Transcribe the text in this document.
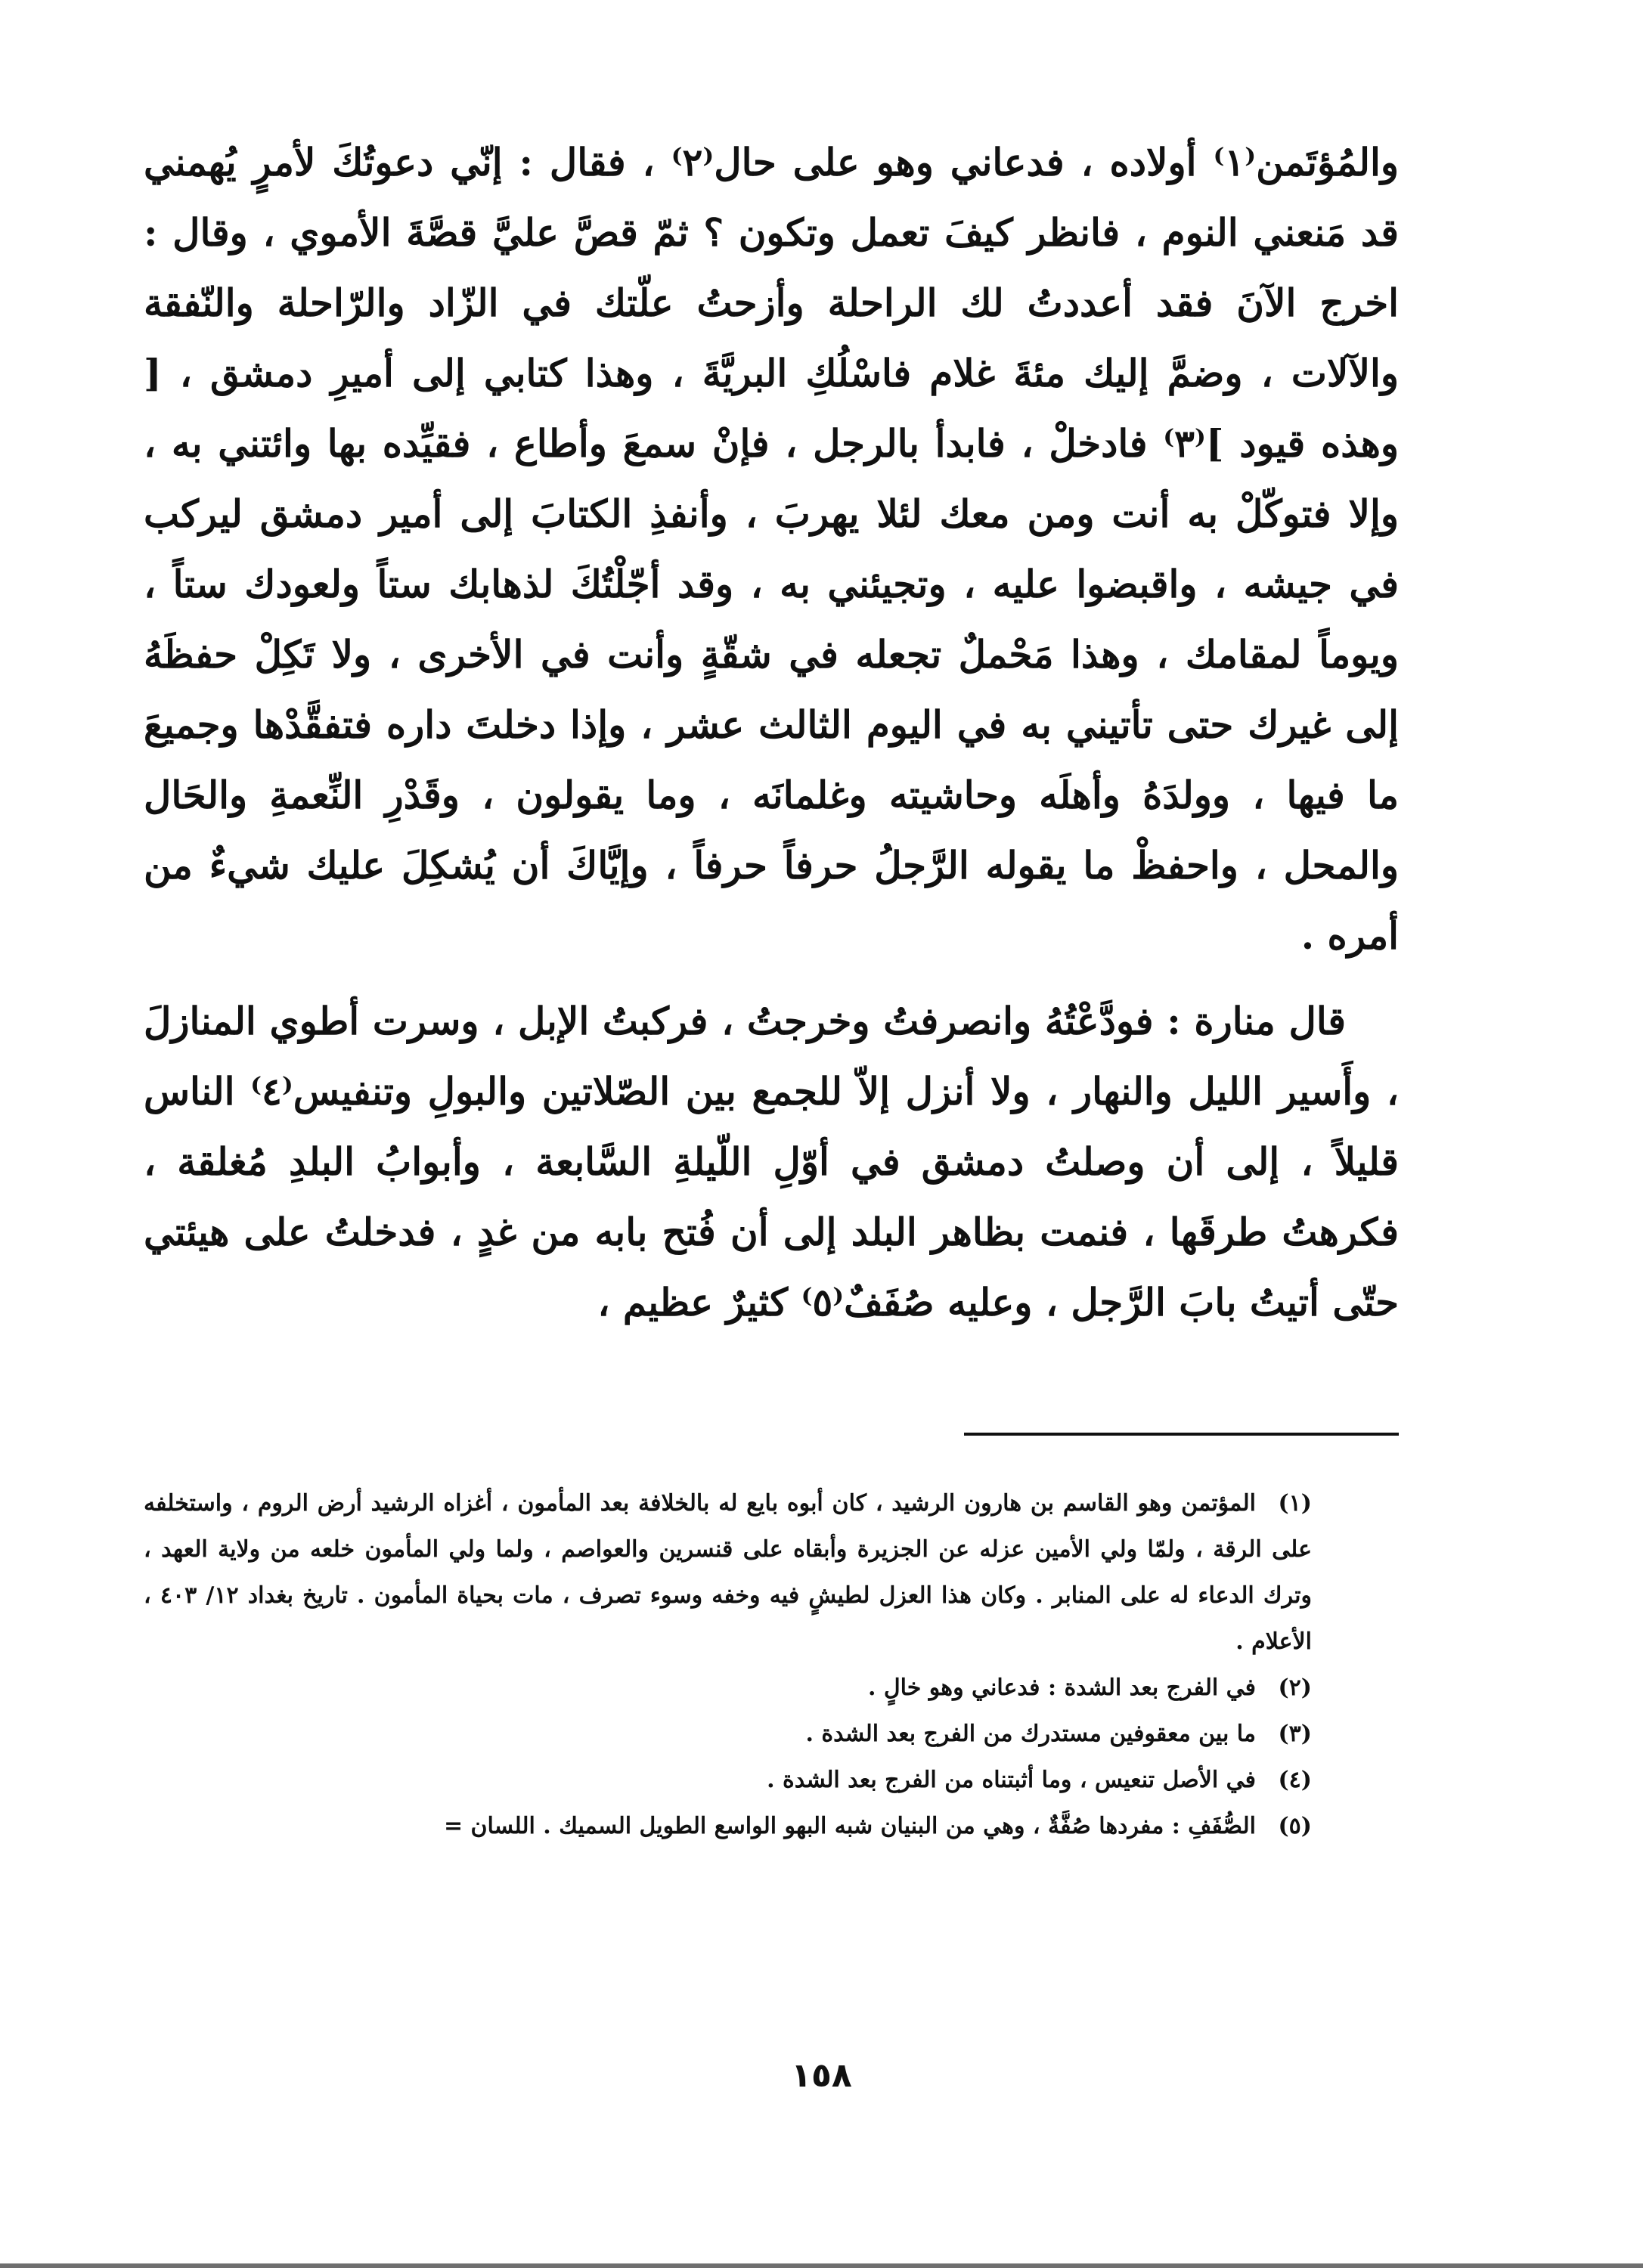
والمُؤتَمن⁽١⁾ أولاده ، فدعاني وهو على حال⁽٢⁾ ، فقال : إنّي دعوتُكَ لأمرٍ يُهمني قد مَنعني النوم ، فانظر كيفَ تعمل وتكون ؟ ثمّ قصَّ عليَّ قصَّةَ الأموي ، وقال : اخرج الآنَ فقد أعددتُ لك الراحلة وأزحتُ علّتك في الزّاد والرّاحلة والنّفقة والآلات ، وضمَّ إليك مئةَ غلام فاسْلُكِ البريَّةَ ، وهذا كتابي إلى أميرِ دمشق ، [ وهذه قيود ]⁽٣⁾ فادخلْ ، فابدأ بالرجل ، فإنْ سمعَ وأطاع ، فقيِّده بها وائتني به ، وإلا فتوكّلْ به أنت ومن معك لئلا يهربَ ، وأنفذِ الكتابَ إلى أمير دمشق ليركب في جيشه ، واقبضوا عليه ، وتجيئني به ، وقد أجّلْتُكَ لذهابك ستاً ولعودك ستاً ، ويوماً لمقامك ، وهذا مَحْملٌ تجعله في شقّةٍ وأنت في الأخرى ، ولا تَكِلْ حفظَهُ إلى غيرك حتى تأتيني به في اليوم الثالث عشر ، وإذا دخلتَ داره فتفقَّدْها وجميعَ ما فيها ، وولدَهُ وأهلَه وحاشيته وغلمانَه ، وما يقولون ، وقَدْرِ النِّعمةِ والحَال والمحل ، واحفظْ ما يقوله الرَّجلُ حرفاً حرفاً ، وإيَّاكَ أن يُشكِلَ عليك شيءٌ من أمره .

قال منارة : فودَّعْتُهُ وانصرفتُ وخرجتُ ، فركبتُ الإبل ، وسرت أطوي المنازلَ ، وأَسير الليل والنهار ، ولا أنزل إلاّ للجمع بين الصّلاتين والبولِ وتنفيس⁽٤⁾ الناس قليلاً ، إلى أن وصلتُ دمشق في أوّلِ اللّيلةِ السَّابعة ، وأبوابُ البلدِ مُغلقة ، فكرهتُ طرقَها ، فنمت بظاهر البلد إلى أن فُتح بابه من غدٍ ، فدخلتُ على هيئتي حتّى أتيتُ بابَ الرَّجل ، وعليه صُفَفٌ⁽٥⁾ كثيرٌ عظيم ،

(١)المؤتمن وهو القاسم بن هارون الرشيد ، كان أبوه بايع له بالخلافة بعد المأمون ، أغزاه الرشيد أرض الروم ، واستخلفه على الرقة ، ولمّا ولي الأمين عزله عن الجزيرة وأبقاه على قنسرين والعواصم ، ولما ولي المأمون خلعه من ولاية العهد ، وترك الدعاء له على المنابر . وكان هذا العزل لطيشٍ فيه وخفه وسوء تصرف ، مات بحياة المأمون . تاريخ بغداد ١٢/ ٤٠٣ ، الأعلام .
(٢)في الفرج بعد الشدة : فدعاني وهو خالٍ .
(٣)ما بين معقوفين مستدرك من الفرج بعد الشدة .
(٤)في الأصل تنعيس ، وما أثبتناه من الفرج بعد الشدة .
(٥)الصُّفَفِ : مفردها صُفَّةٌ ، وهي من البنيان شبه البهو الواسع الطويل السميك . اللسان =
١٥٨
